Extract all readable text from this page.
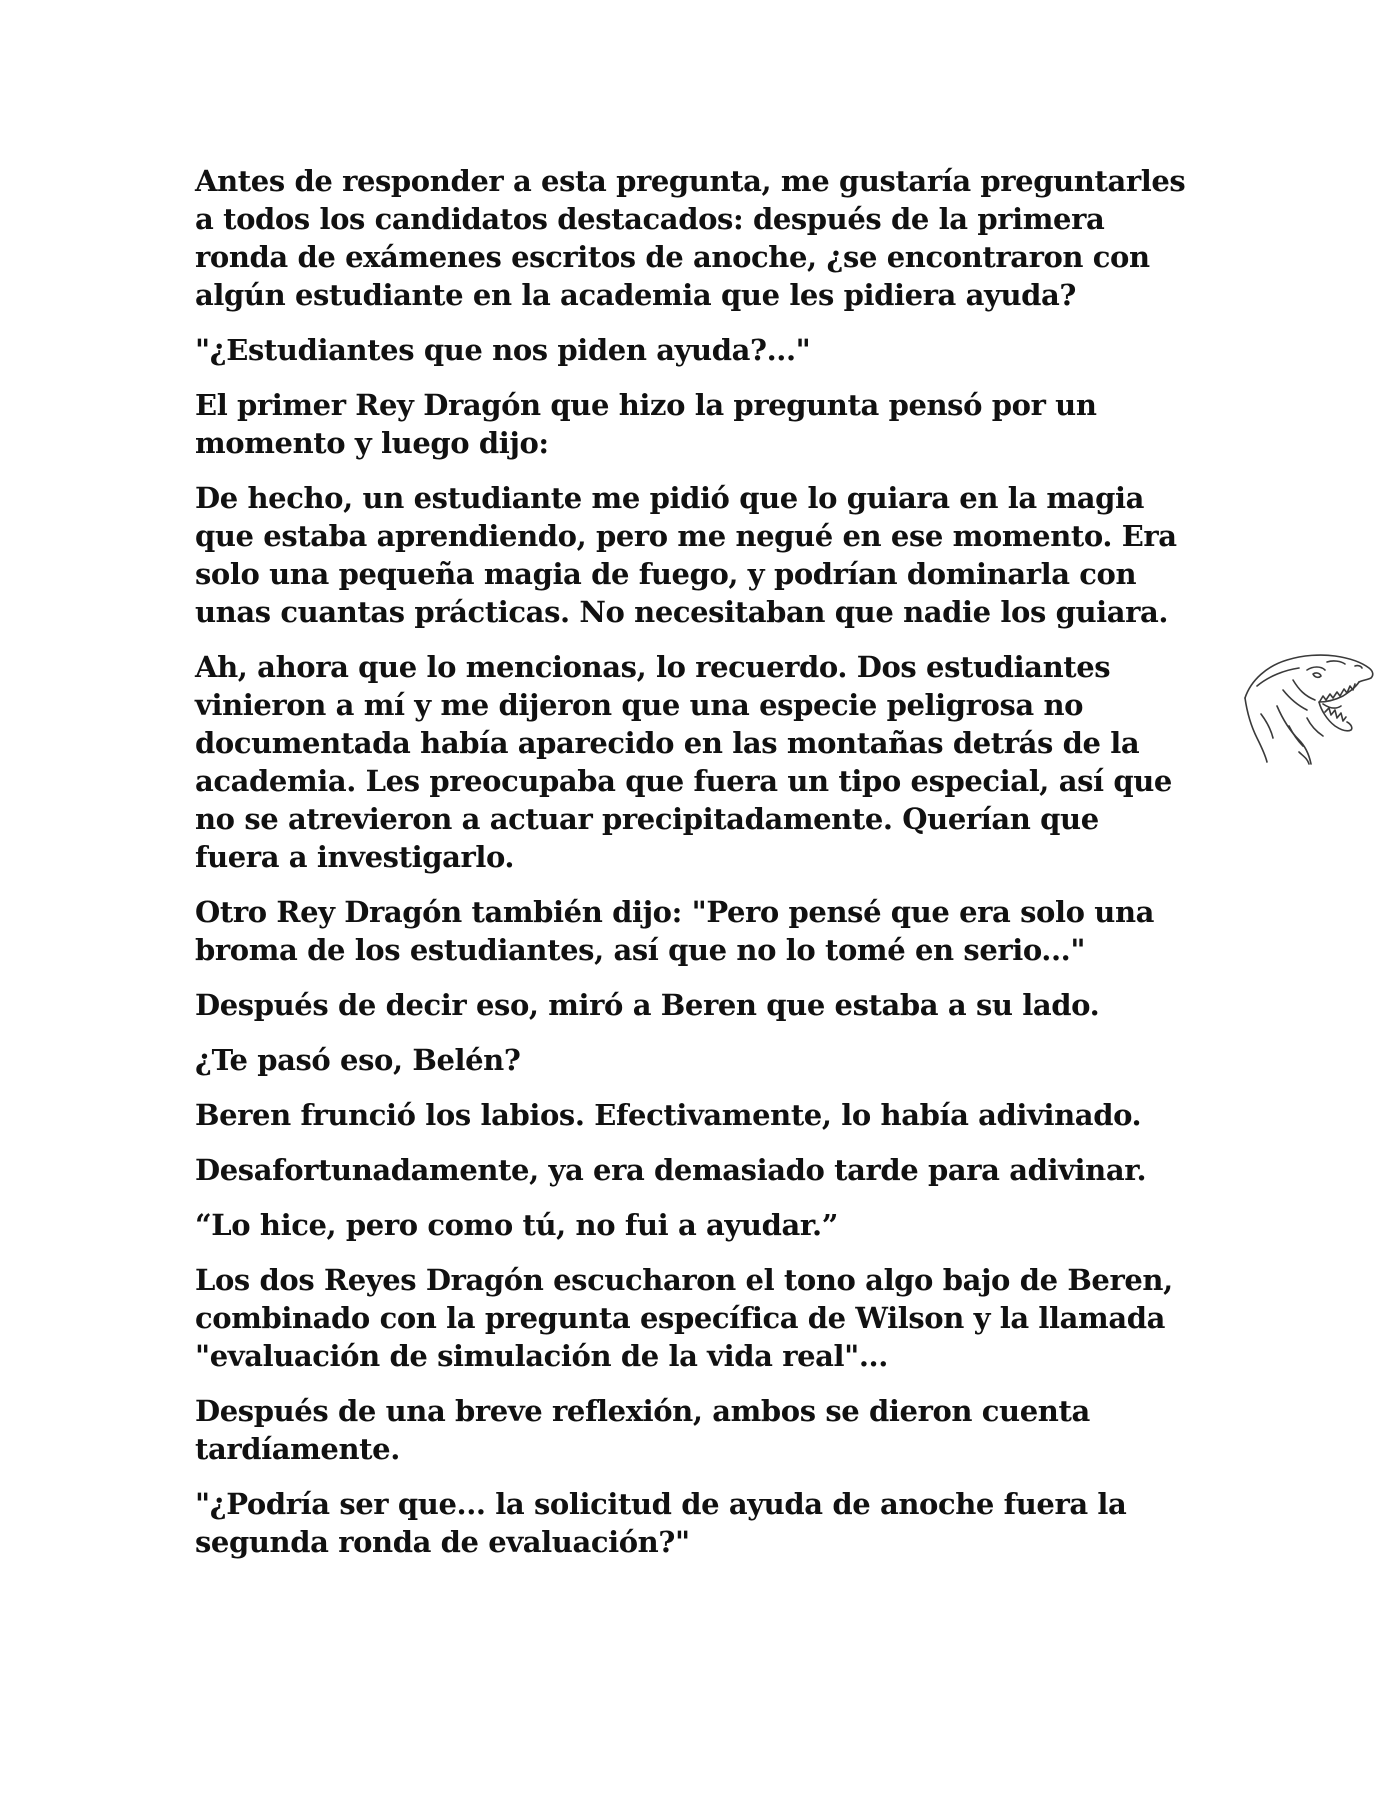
Antes de responder a esta pregunta, me gustaría preguntarles
a todos los candidatos destacados: después de la primera
ronda de exámenes escritos de anoche, ¿se encontraron con
algún estudiante en la academia que les pidiera ayuda?

"¿Estudiantes que nos piden ayuda?..."

El primer Rey Dragón que hizo la pregunta pensó por un
momento y luego dijo:

De hecho, un estudiante me pidió que lo guiara en la magia
que estaba aprendiendo, pero me negué en ese momento. Era
solo una pequeña magia de fuego, y podrían dominarla con
unas cuantas prácticas. No necesitaban que nadie los guiara.

Ah, ahora que lo mencionas, lo recuerdo. Dos estudiantes
vinieron a mí y me dijeron que una especie peligrosa no
documentada había aparecido en las montañas detrás de la
academia. Les preocupaba que fuera un tipo especial, así que
no se atrevieron a actuar precipitadamente. Querían que
fuera a investigarlo.

Otro Rey Dragón también dijo: "Pero pensé que era solo una
broma de los estudiantes, así que no lo tomé en serio..."

Después de decir eso, miró a Beren que estaba a su lado.

¿Te pasó eso, Belén?

Beren frunció los labios. Efectivamente, lo había adivinado.

Desafortunadamente, ya era demasiado tarde para adivinar.

“Lo hice, pero como tú, no fui a ayudar.”

Los dos Reyes Dragón escucharon el tono algo bajo de Beren,
combinado con la pregunta específica de Wilson y la llamada
"evaluación de simulación de la vida real"...

Después de una breve reflexión, ambos se dieron cuenta
tardíamente.

"¿Podría ser que... la solicitud de ayuda de anoche fuera la
segunda ronda de evaluación?"
